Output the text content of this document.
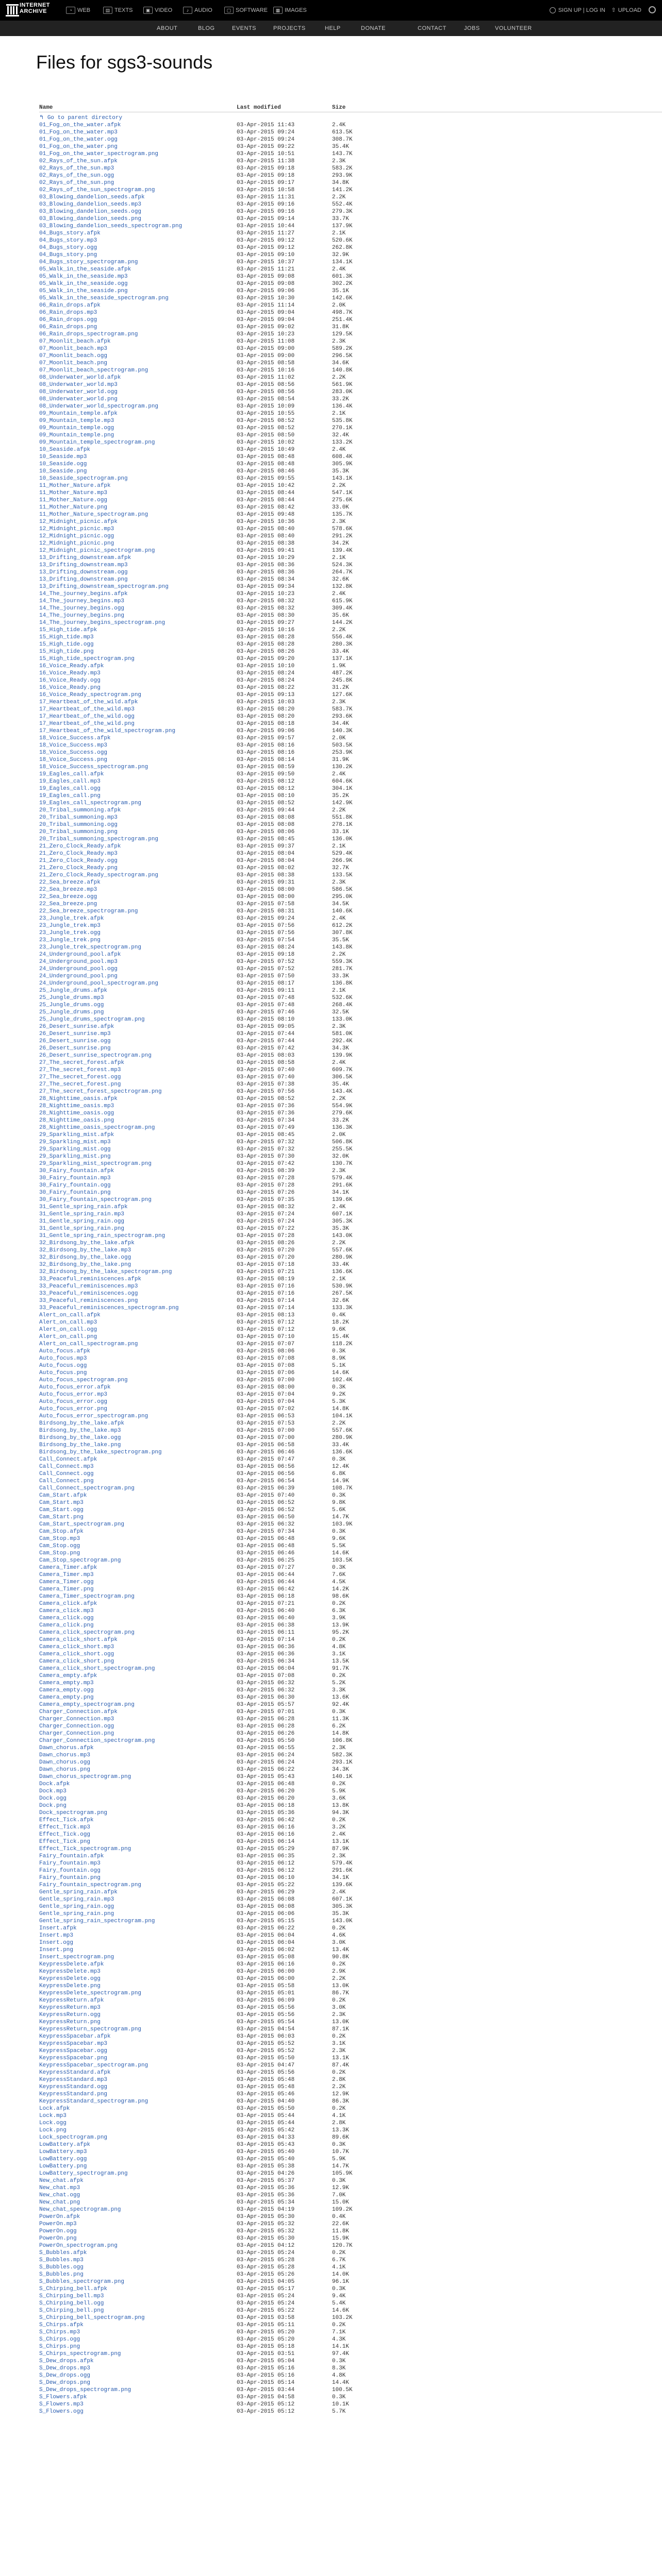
INTERNET
ARCHIVE	◔ WEB	▤ TEXTS	▣ VIDEO	♪ AUDIO	▢ SOFTWARE	▦ IMAGES	SIGN UP | LOG IN ⇧ UPLOAD
ABOUT	BLOG	EVENTS	PROJECTS	HELP	DONATE	CONTACT	JOBS	VOLUNTEER
Files for sgs3-sounds
Name	Last modified	Size
↰ Go to parent directory
01_Fog_on_the_water.afpk	03-Apr-2015 11:43	2.4K
01_Fog_on_the_water.mp3	03-Apr-2015 09:24	613.5K
01_Fog_on_the_water.ogg	03-Apr-2015 09:24	308.7K
01_Fog_on_the_water.png	03-Apr-2015 09:22	35.4K
01_Fog_on_the_water_spectrogram.png	03-Apr-2015 10:51	143.7K
02_Rays_of_the_sun.afpk	03-Apr-2015 11:38	2.3K
02_Rays_of_the_sun.mp3	03-Apr-2015 09:18	583.2K
02_Rays_of_the_sun.ogg	03-Apr-2015 09:18	293.9K
02_Rays_of_the_sun.png	03-Apr-2015 09:17	34.8K
02_Rays_of_the_sun_spectrogram.png	03-Apr-2015 10:58	141.2K
03_Blowing_dandelion_seeds.afpk	03-Apr-2015 11:31	2.2K
03_Blowing_dandelion_seeds.mp3	03-Apr-2015 09:16	552.4K
03_Blowing_dandelion_seeds.ogg	03-Apr-2015 09:16	279.3K
03_Blowing_dandelion_seeds.png	03-Apr-2015 09:14	33.7K
03_Blowing_dandelion_seeds_spectrogram.png	03-Apr-2015 10:44	137.9K
04_Bugs_story.afpk	03-Apr-2015 11:27	2.1K
04_Bugs_story.mp3	03-Apr-2015 09:12	520.6K
04_Bugs_story.ogg	03-Apr-2015 09:12	262.8K
04_Bugs_story.png	03-Apr-2015 09:10	32.9K
04_Bugs_story_spectrogram.png	03-Apr-2015 10:37	134.1K
05_Walk_in_the_seaside.afpk	03-Apr-2015 11:21	2.4K
05_Walk_in_the_seaside.mp3	03-Apr-2015 09:08	601.3K
05_Walk_in_the_seaside.ogg	03-Apr-2015 09:08	302.2K
05_Walk_in_the_seaside.png	03-Apr-2015 09:06	35.1K
05_Walk_in_the_seaside_spectrogram.png	03-Apr-2015 10:30	142.6K
06_Rain_drops.afpk	03-Apr-2015 11:14	2.0K
06_Rain_drops.mp3	03-Apr-2015 09:04	498.7K
06_Rain_drops.ogg	03-Apr-2015 09:04	251.4K
06_Rain_drops.png	03-Apr-2015 09:02	31.8K
06_Rain_drops_spectrogram.png	03-Apr-2015 10:23	129.5K
07_Moonlit_beach.afpk	03-Apr-2015 11:08	2.3K
07_Moonlit_beach.mp3	03-Apr-2015 09:00	589.2K
07_Moonlit_beach.ogg	03-Apr-2015 09:00	296.5K
07_Moonlit_beach.png	03-Apr-2015 08:58	34.6K
07_Moonlit_beach_spectrogram.png	03-Apr-2015 10:16	140.8K
08_Underwater_world.afpk	03-Apr-2015 11:02	2.2K
08_Underwater_world.mp3	03-Apr-2015 08:56	561.9K
08_Underwater_world.ogg	03-Apr-2015 08:56	283.0K
08_Underwater_world.png	03-Apr-2015 08:54	33.2K
08_Underwater_world_spectrogram.png	03-Apr-2015 10:09	136.4K
09_Mountain_temple.afpk	03-Apr-2015 10:55	2.1K
09_Mountain_temple.mp3	03-Apr-2015 08:52	535.8K
09_Mountain_temple.ogg	03-Apr-2015 08:52	270.1K
09_Mountain_temple.png	03-Apr-2015 08:50	32.4K
09_Mountain_temple_spectrogram.png	03-Apr-2015 10:02	133.2K
10_Seaside.afpk	03-Apr-2015 10:49	2.4K
10_Seaside.mp3	03-Apr-2015 08:48	608.4K
10_Seaside.ogg	03-Apr-2015 08:48	305.9K
10_Seaside.png	03-Apr-2015 08:46	35.3K
10_Seaside_spectrogram.png	03-Apr-2015 09:55	143.1K
11_Mother_Nature.afpk	03-Apr-2015 10:42	2.2K
11_Mother_Nature.mp3	03-Apr-2015 08:44	547.1K
11_Mother_Nature.ogg	03-Apr-2015 08:44	275.6K
11_Mother_Nature.png	03-Apr-2015 08:42	33.0K
11_Mother_Nature_spectrogram.png	03-Apr-2015 09:48	135.7K
12_Midnight_picnic.afpk	03-Apr-2015 10:36	2.3K
12_Midnight_picnic.mp3	03-Apr-2015 08:40	578.6K
12_Midnight_picnic.ogg	03-Apr-2015 08:40	291.2K
12_Midnight_picnic.png	03-Apr-2015 08:38	34.2K
12_Midnight_picnic_spectrogram.png	03-Apr-2015 09:41	139.4K
13_Drifting_downstream.afpk	03-Apr-2015 10:29	2.1K
13_Drifting_downstream.mp3	03-Apr-2015 08:36	524.3K
13_Drifting_downstream.ogg	03-Apr-2015 08:36	264.7K
13_Drifting_downstream.png	03-Apr-2015 08:34	32.6K
13_Drifting_downstream_spectrogram.png	03-Apr-2015 09:34	132.8K
14_The_journey_begins.afpk	03-Apr-2015 10:23	2.4K
14_The_journey_begins.mp3	03-Apr-2015 08:32	615.9K
14_The_journey_begins.ogg	03-Apr-2015 08:32	309.4K
14_The_journey_begins.png	03-Apr-2015 08:30	35.6K
14_The_journey_begins_spectrogram.png	03-Apr-2015 09:27	144.2K
15_High_tide.afpk	03-Apr-2015 10:16	2.2K
15_High_tide.mp3	03-Apr-2015 08:28	556.4K
15_High_tide.ogg	03-Apr-2015 08:28	280.3K
15_High_tide.png	03-Apr-2015 08:26	33.4K
15_High_tide_spectrogram.png	03-Apr-2015 09:20	137.1K
16_Voice_Ready.afpk	03-Apr-2015 10:10	1.9K
16_Voice_Ready.mp3	03-Apr-2015 08:24	487.2K
16_Voice_Ready.ogg	03-Apr-2015 08:24	245.8K
16_Voice_Ready.png	03-Apr-2015 08:22	31.2K
16_Voice_Ready_spectrogram.png	03-Apr-2015 09:13	127.6K
17_Heartbeat_of_the_wild.afpk	03-Apr-2015 10:03	2.3K
17_Heartbeat_of_the_wild.mp3	03-Apr-2015 08:20	583.7K
17_Heartbeat_of_the_wild.ogg	03-Apr-2015 08:20	293.6K
17_Heartbeat_of_the_wild.png	03-Apr-2015 08:18	34.4K
17_Heartbeat_of_the_wild_spectrogram.png	03-Apr-2015 09:06	140.3K
18_Voice_Success.afpk	03-Apr-2015 09:57	2.0K
18_Voice_Success.mp3	03-Apr-2015 08:16	503.5K
18_Voice_Success.ogg	03-Apr-2015 08:16	253.9K
18_Voice_Success.png	03-Apr-2015 08:14	31.9K
18_Voice_Success_spectrogram.png	03-Apr-2015 08:59	130.2K
19_Eagles_call.afpk	03-Apr-2015 09:50	2.4K
19_Eagles_call.mp3	03-Apr-2015 08:12	604.6K
19_Eagles_call.ogg	03-Apr-2015 08:12	304.1K
19_Eagles_call.png	03-Apr-2015 08:10	35.2K
19_Eagles_call_spectrogram.png	03-Apr-2015 08:52	142.9K
20_Tribal_summoning.afpk	03-Apr-2015 09:44	2.2K
20_Tribal_summoning.mp3	03-Apr-2015 08:08	551.8K
20_Tribal_summoning.ogg	03-Apr-2015 08:08	278.1K
20_Tribal_summoning.png	03-Apr-2015 08:06	33.1K
20_Tribal_summoning_spectrogram.png	03-Apr-2015 08:45	136.0K
21_Zero_Clock_Ready.afpk	03-Apr-2015 09:37	2.1K
21_Zero_Clock_Ready.mp3	03-Apr-2015 08:04	529.4K
21_Zero_Clock_Ready.ogg	03-Apr-2015 08:04	266.9K
21_Zero_Clock_Ready.png	03-Apr-2015 08:02	32.7K
21_Zero_Clock_Ready_spectrogram.png	03-Apr-2015 08:38	133.5K
22_Sea_breeze.afpk	03-Apr-2015 09:31	2.3K
22_Sea_breeze.mp3	03-Apr-2015 08:00	586.5K
22_Sea_breeze.ogg	03-Apr-2015 08:00	295.0K
22_Sea_breeze.png	03-Apr-2015 07:58	34.5K
22_Sea_breeze_spectrogram.png	03-Apr-2015 08:31	140.6K
23_Jungle_trek.afpk	03-Apr-2015 09:24	2.4K
23_Jungle_trek.mp3	03-Apr-2015 07:56	612.2K
23_Jungle_trek.ogg	03-Apr-2015 07:56	307.8K
23_Jungle_trek.png	03-Apr-2015 07:54	35.5K
23_Jungle_trek_spectrogram.png	03-Apr-2015 08:24	143.8K
24_Underground_pool.afpk	03-Apr-2015 09:18	2.2K
24_Underground_pool.mp3	03-Apr-2015 07:52	559.3K
24_Underground_pool.ogg	03-Apr-2015 07:52	281.7K
24_Underground_pool.png	03-Apr-2015 07:50	33.3K
24_Underground_pool_spectrogram.png	03-Apr-2015 08:17	136.8K
25_Jungle_drums.afpk	03-Apr-2015 09:11	2.1K
25_Jungle_drums.mp3	03-Apr-2015 07:48	532.6K
25_Jungle_drums.ogg	03-Apr-2015 07:48	268.4K
25_Jungle_drums.png	03-Apr-2015 07:46	32.5K
25_Jungle_drums_spectrogram.png	03-Apr-2015 08:10	133.0K
26_Desert_sunrise.afpk	03-Apr-2015 09:05	2.3K
26_Desert_sunrise.mp3	03-Apr-2015 07:44	581.0K
26_Desert_sunrise.ogg	03-Apr-2015 07:44	292.4K
26_Desert_sunrise.png	03-Apr-2015 07:42	34.3K
26_Desert_sunrise_spectrogram.png	03-Apr-2015 08:03	139.9K
27_The_secret_forest.afpk	03-Apr-2015 08:58	2.4K
27_The_secret_forest.mp3	03-Apr-2015 07:40	609.7K
27_The_secret_forest.ogg	03-Apr-2015 07:40	306.5K
27_The_secret_forest.png	03-Apr-2015 07:38	35.4K
27_The_secret_forest_spectrogram.png	03-Apr-2015 07:56	143.4K
28_Nighttime_oasis.afpk	03-Apr-2015 08:52	2.2K
28_Nighttime_oasis.mp3	03-Apr-2015 07:36	554.9K
28_Nighttime_oasis.ogg	03-Apr-2015 07:36	279.6K
28_Nighttime_oasis.png	03-Apr-2015 07:34	33.2K
28_Nighttime_oasis_spectrogram.png	03-Apr-2015 07:49	136.3K
29_Sparkling_mist.afpk	03-Apr-2015 08:45	2.0K
29_Sparkling_mist.mp3	03-Apr-2015 07:32	506.8K
29_Sparkling_mist.ogg	03-Apr-2015 07:32	255.5K
29_Sparkling_mist.png	03-Apr-2015 07:30	32.0K
29_Sparkling_mist_spectrogram.png	03-Apr-2015 07:42	130.7K
30_Fairy_fountain.afpk	03-Apr-2015 08:39	2.3K
30_Fairy_fountain.mp3	03-Apr-2015 07:28	579.4K
30_Fairy_fountain.ogg	03-Apr-2015 07:28	291.6K
30_Fairy_fountain.png	03-Apr-2015 07:26	34.1K
30_Fairy_fountain_spectrogram.png	03-Apr-2015 07:35	139.6K
31_Gentle_spring_rain.afpk	03-Apr-2015 08:32	2.4K
31_Gentle_spring_rain.mp3	03-Apr-2015 07:24	607.1K
31_Gentle_spring_rain.ogg	03-Apr-2015 07:24	305.3K
31_Gentle_spring_rain.png	03-Apr-2015 07:22	35.3K
31_Gentle_spring_rain_spectrogram.png	03-Apr-2015 07:28	143.0K
32_Birdsong_by_the_lake.afpk	03-Apr-2015 08:26	2.2K
32_Birdsong_by_the_lake.mp3	03-Apr-2015 07:20	557.6K
32_Birdsong_by_the_lake.ogg	03-Apr-2015 07:20	280.9K
32_Birdsong_by_the_lake.png	03-Apr-2015 07:18	33.4K
32_Birdsong_by_the_lake_spectrogram.png	03-Apr-2015 07:21	136.6K
33_Peaceful_reminiscences.afpk	03-Apr-2015 08:19	2.1K
33_Peaceful_reminiscences.mp3	03-Apr-2015 07:16	530.9K
33_Peaceful_reminiscences.ogg	03-Apr-2015 07:16	267.5K
33_Peaceful_reminiscences.png	03-Apr-2015 07:14	32.6K
33_Peaceful_reminiscences_spectrogram.png	03-Apr-2015 07:14	133.3K
Alert_on_call.afpk	03-Apr-2015 08:13	0.4K
Alert_on_call.mp3	03-Apr-2015 07:12	18.2K
Alert_on_call.ogg	03-Apr-2015 07:12	9.6K
Alert_on_call.png	03-Apr-2015 07:10	15.4K
Alert_on_call_spectrogram.png	03-Apr-2015 07:07	118.2K
Auto_focus.afpk	03-Apr-2015 08:06	0.3K
Auto_focus.mp3	03-Apr-2015 07:08	8.9K
Auto_focus.ogg	03-Apr-2015 07:08	5.1K
Auto_focus.png	03-Apr-2015 07:06	14.6K
Auto_focus_spectrogram.png	03-Apr-2015 07:00	102.4K
Auto_focus_error.afpk	03-Apr-2015 08:00	0.3K
Auto_focus_error.mp3	03-Apr-2015 07:04	9.2K
Auto_focus_error.ogg	03-Apr-2015 07:04	5.3K
Auto_focus_error.png	03-Apr-2015 07:02	14.8K
Auto_focus_error_spectrogram.png	03-Apr-2015 06:53	104.1K
Birdsong_by_the_lake.afpk	03-Apr-2015 07:53	2.2K
Birdsong_by_the_lake.mp3	03-Apr-2015 07:00	557.6K
Birdsong_by_the_lake.ogg	03-Apr-2015 07:00	280.9K
Birdsong_by_the_lake.png	03-Apr-2015 06:58	33.4K
Birdsong_by_the_lake_spectrogram.png	03-Apr-2015 06:46	136.6K
Call_Connect.afpk	03-Apr-2015 07:47	0.3K
Call_Connect.mp3	03-Apr-2015 06:56	12.4K
Call_Connect.ogg	03-Apr-2015 06:56	6.8K
Call_Connect.png	03-Apr-2015 06:54	14.9K
Call_Connect_spectrogram.png	03-Apr-2015 06:39	108.7K
Cam_Start.afpk	03-Apr-2015 07:40	0.3K
Cam_Start.mp3	03-Apr-2015 06:52	9.8K
Cam_Start.ogg	03-Apr-2015 06:52	5.6K
Cam_Start.png	03-Apr-2015 06:50	14.7K
Cam_Start_spectrogram.png	03-Apr-2015 06:32	103.9K
Cam_Stop.afpk	03-Apr-2015 07:34	0.3K
Cam_Stop.mp3	03-Apr-2015 06:48	9.6K
Cam_Stop.ogg	03-Apr-2015 06:48	5.5K
Cam_Stop.png	03-Apr-2015 06:46	14.6K
Cam_Stop_spectrogram.png	03-Apr-2015 06:25	103.5K
Camera_Timer.afpk	03-Apr-2015 07:27	0.3K
Camera_Timer.mp3	03-Apr-2015 06:44	7.6K
Camera_Timer.ogg	03-Apr-2015 06:44	4.5K
Camera_Timer.png	03-Apr-2015 06:42	14.2K
Camera_Timer_spectrogram.png	03-Apr-2015 06:18	98.6K
Camera_click.afpk	03-Apr-2015 07:21	0.2K
Camera_click.mp3	03-Apr-2015 06:40	6.3K
Camera_click.ogg	03-Apr-2015 06:40	3.9K
Camera_click.png	03-Apr-2015 06:38	13.9K
Camera_click_spectrogram.png	03-Apr-2015 06:11	95.2K
Camera_click_short.afpk	03-Apr-2015 07:14	0.2K
Camera_click_short.mp3	03-Apr-2015 06:36	4.8K
Camera_click_short.ogg	03-Apr-2015 06:36	3.1K
Camera_click_short.png	03-Apr-2015 06:34	13.5K
Camera_click_short_spectrogram.png	03-Apr-2015 06:04	91.7K
Camera_empty.afpk	03-Apr-2015 07:08	0.2K
Camera_empty.mp3	03-Apr-2015 06:32	5.2K
Camera_empty.ogg	03-Apr-2015 06:32	3.3K
Camera_empty.png	03-Apr-2015 06:30	13.6K
Camera_empty_spectrogram.png	03-Apr-2015 05:57	92.4K
Charger_Connection.afpk	03-Apr-2015 07:01	0.3K
Charger_Connection.mp3	03-Apr-2015 06:28	11.3K
Charger_Connection.ogg	03-Apr-2015 06:28	6.2K
Charger_Connection.png	03-Apr-2015 06:26	14.8K
Charger_Connection_spectrogram.png	03-Apr-2015 05:50	106.8K
Dawn_chorus.afpk	03-Apr-2015 06:55	2.3K
Dawn_chorus.mp3	03-Apr-2015 06:24	582.3K
Dawn_chorus.ogg	03-Apr-2015 06:24	293.1K
Dawn_chorus.png	03-Apr-2015 06:22	34.3K
Dawn_chorus_spectrogram.png	03-Apr-2015 05:43	140.1K
Dock.afpk	03-Apr-2015 06:48	0.2K
Dock.mp3	03-Apr-2015 06:20	5.9K
Dock.ogg	03-Apr-2015 06:20	3.6K
Dock.png	03-Apr-2015 06:18	13.8K
Dock_spectrogram.png	03-Apr-2015 05:36	94.3K
Effect_Tick.afpk	03-Apr-2015 06:42	0.2K
Effect_Tick.mp3	03-Apr-2015 06:16	3.2K
Effect_Tick.ogg	03-Apr-2015 06:16	2.4K
Effect_Tick.png	03-Apr-2015 06:14	13.1K
Effect_Tick_spectrogram.png	03-Apr-2015 05:29	87.9K
Fairy_fountain.afpk	03-Apr-2015 06:35	2.3K
Fairy_fountain.mp3	03-Apr-2015 06:12	579.4K
Fairy_fountain.ogg	03-Apr-2015 06:12	291.6K
Fairy_fountain.png	03-Apr-2015 06:10	34.1K
Fairy_fountain_spectrogram.png	03-Apr-2015 05:22	139.6K
Gentle_spring_rain.afpk	03-Apr-2015 06:29	2.4K
Gentle_spring_rain.mp3	03-Apr-2015 06:08	607.1K
Gentle_spring_rain.ogg	03-Apr-2015 06:08	305.3K
Gentle_spring_rain.png	03-Apr-2015 06:06	35.3K
Gentle_spring_rain_spectrogram.png	03-Apr-2015 05:15	143.0K
Insert.afpk	03-Apr-2015 06:22	0.2K
Insert.mp3	03-Apr-2015 06:04	4.6K
Insert.ogg	03-Apr-2015 06:04	3.0K
Insert.png	03-Apr-2015 06:02	13.4K
Insert_spectrogram.png	03-Apr-2015 05:08	90.8K
KeypressDelete.afpk	03-Apr-2015 06:16	0.2K
KeypressDelete.mp3	03-Apr-2015 06:00	2.9K
KeypressDelete.ogg	03-Apr-2015 06:00	2.2K
KeypressDelete.png	03-Apr-2015 05:58	13.0K
KeypressDelete_spectrogram.png	03-Apr-2015 05:01	86.7K
KeypressReturn.afpk	03-Apr-2015 06:09	0.2K
KeypressReturn.mp3	03-Apr-2015 05:56	3.0K
KeypressReturn.ogg	03-Apr-2015 05:56	2.3K
KeypressReturn.png	03-Apr-2015 05:54	13.0K
KeypressReturn_spectrogram.png	03-Apr-2015 04:54	87.1K
KeypressSpacebar.afpk	03-Apr-2015 06:03	0.2K
KeypressSpacebar.mp3	03-Apr-2015 05:52	3.1K
KeypressSpacebar.ogg	03-Apr-2015 05:52	2.3K
KeypressSpacebar.png	03-Apr-2015 05:50	13.1K
KeypressSpacebar_spectrogram.png	03-Apr-2015 04:47	87.4K
KeypressStandard.afpk	03-Apr-2015 05:56	0.2K
KeypressStandard.mp3	03-Apr-2015 05:48	2.8K
KeypressStandard.ogg	03-Apr-2015 05:48	2.2K
KeypressStandard.png	03-Apr-2015 05:46	12.9K
KeypressStandard_spectrogram.png	03-Apr-2015 04:40	86.3K
Lock.afpk	03-Apr-2015 05:50	0.2K
Lock.mp3	03-Apr-2015 05:44	4.1K
Lock.ogg	03-Apr-2015 05:44	2.8K
Lock.png	03-Apr-2015 05:42	13.3K
Lock_spectrogram.png	03-Apr-2015 04:33	89.6K
LowBattery.afpk	03-Apr-2015 05:43	0.3K
LowBattery.mp3	03-Apr-2015 05:40	10.7K
LowBattery.ogg	03-Apr-2015 05:40	5.9K
LowBattery.png	03-Apr-2015 05:38	14.7K
LowBattery_spectrogram.png	03-Apr-2015 04:26	105.9K
New_chat.afpk	03-Apr-2015 05:37	0.3K
New_chat.mp3	03-Apr-2015 05:36	12.9K
New_chat.ogg	03-Apr-2015 05:36	7.0K
New_chat.png	03-Apr-2015 05:34	15.0K
New_chat_spectrogram.png	03-Apr-2015 04:19	109.2K
PowerOn.afpk	03-Apr-2015 05:30	0.4K
PowerOn.mp3	03-Apr-2015 05:32	22.6K
PowerOn.ogg	03-Apr-2015 05:32	11.8K
PowerOn.png	03-Apr-2015 05:30	15.9K
PowerOn_spectrogram.png	03-Apr-2015 04:12	120.7K
S_Bubbles.afpk	03-Apr-2015 05:24	0.2K
S_Bubbles.mp3	03-Apr-2015 05:28	6.7K
S_Bubbles.ogg	03-Apr-2015 05:28	4.1K
S_Bubbles.png	03-Apr-2015 05:26	14.0K
S_Bubbles_spectrogram.png	03-Apr-2015 04:05	96.1K
S_Chirping_bell.afpk	03-Apr-2015 05:17	0.3K
S_Chirping_bell.mp3	03-Apr-2015 05:24	9.4K
S_Chirping_bell.ogg	03-Apr-2015 05:24	5.4K
S_Chirping_bell.png	03-Apr-2015 05:22	14.6K
S_Chirping_bell_spectrogram.png	03-Apr-2015 03:58	103.2K
S_Chirps.afpk	03-Apr-2015 05:11	0.2K
S_Chirps.mp3	03-Apr-2015 05:20	7.1K
S_Chirps.ogg	03-Apr-2015 05:20	4.3K
S_Chirps.png	03-Apr-2015 05:18	14.1K
S_Chirps_spectrogram.png	03-Apr-2015 03:51	97.4K
S_Dew_drops.afpk	03-Apr-2015 05:04	0.3K
S_Dew_drops.mp3	03-Apr-2015 05:16	8.3K
S_Dew_drops.ogg	03-Apr-2015 05:16	4.8K
S_Dew_drops.png	03-Apr-2015 05:14	14.4K
S_Dew_drops_spectrogram.png	03-Apr-2015 03:44	100.5K
S_Flowers.afpk	03-Apr-2015 04:58	0.3K
S_Flowers.mp3	03-Apr-2015 05:12	10.1K
S_Flowers.ogg	03-Apr-2015 05:12	5.7K
